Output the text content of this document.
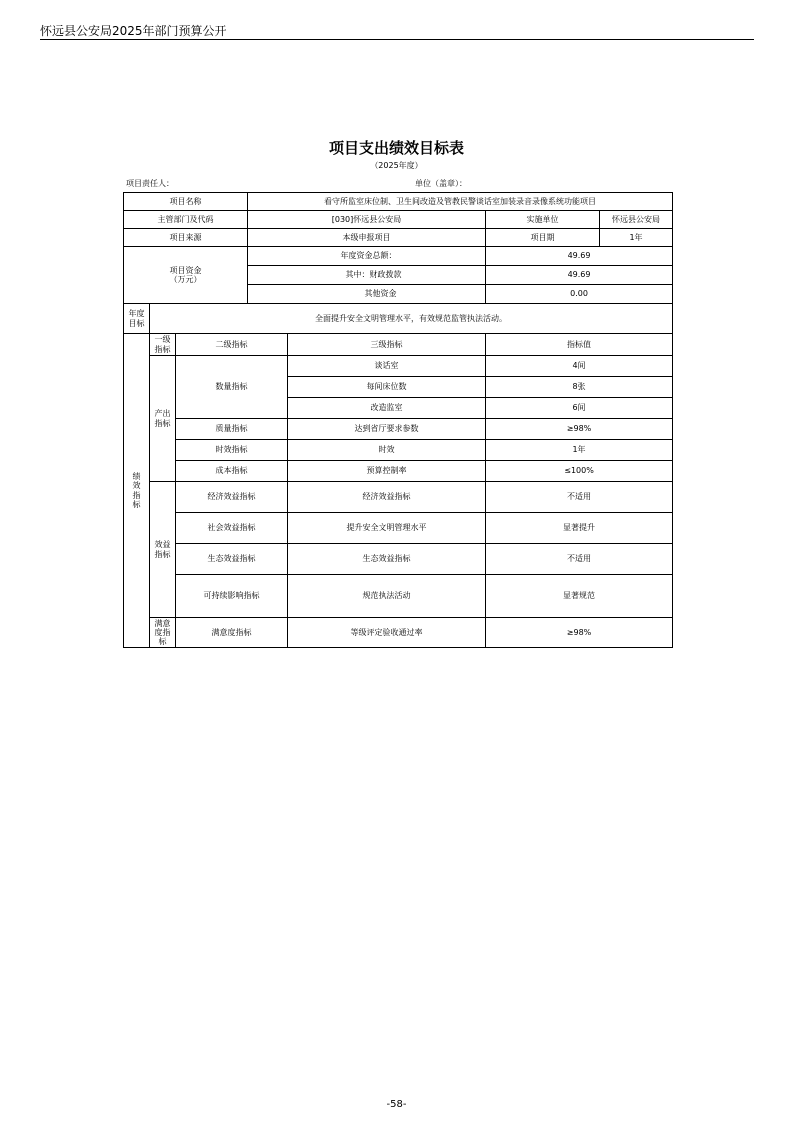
怀远县公安局2025年部门预算公开
项目支出绩效目标表
（2025年度）
项目责任人：	单位（盖章）：
项目名称			看守所监室床位制、卫生间改造及管教民警谈话室加装录音录像系统功能项目			
主管部门及代码			[030]怀远县公安局		实施单位	怀远县公安局
项目来源			本级申报项目		项目期	1年

项目资金
（万元）			年度资金总额：		49.69	
			其中：财政拨款		49.69	
			其他资金		0.00	

年度
目标	全面提升安全文明管理水平，有效规范监管执法活动。					

绩
效
指
标	一级指标	二级指标		三级指标	指标值	
	产出指标	数量指标		谈话室	4间	
				每间床位数	8张	
				改造监室	6间	
		质量指标		达到省厅要求参数	≥98%	
		时效指标		时效	1年	
		成本指标		预算控制率	≤100%	
	效益指标	经济效益指标		经济效益指标	不适用	
		社会效益指标		提升安全文明管理水平	显著提升	
		生态效益指标		生态效益指标	不适用	
		可持续影响指标		规范执法活动	显著规范	
	满意度指标	满意度指标		等级评定验收通过率	≥98%	
-58-
